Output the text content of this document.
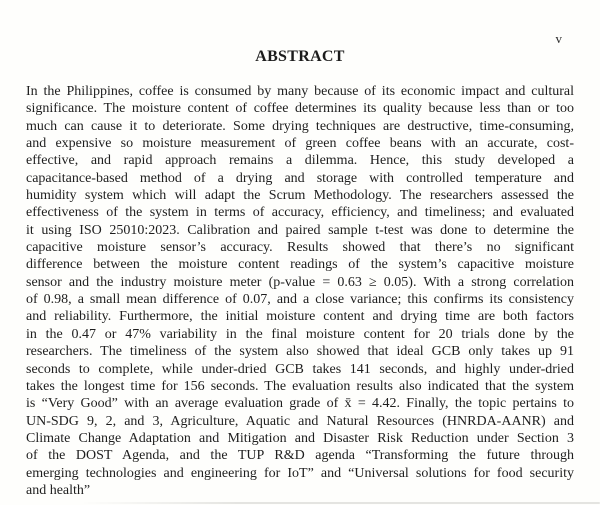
v
ABSTRACT
In the Philippines, coffee is consumed by many because of its economic impact and cultural
significance. The moisture content of coffee determines its quality because less than or too
much can cause it to deteriorate. Some drying techniques are destructive, time-consuming,
and expensive so moisture measurement of green coffee beans with an accurate, cost-
effective, and rapid approach remains a dilemma. Hence, this study developed a
capacitance-based method of a drying and storage with controlled temperature and
humidity system which will adapt the Scrum Methodology. The researchers assessed the
effectiveness of the system in terms of accuracy, efficiency, and timeliness; and evaluated
it using ISO 25010:2023. Calibration and paired sample t-test was done to determine the
capacitive moisture sensor’s accuracy. Results showed that there’s no significant
difference between the moisture content readings of the system’s capacitive moisture
sensor and the industry moisture meter (p-value = 0.63 ≥ 0.05). With a strong correlation
of 0.98, a small mean difference of 0.07, and a close variance; this confirms its consistency
and reliability. Furthermore, the initial moisture content and drying time are both factors
in the 0.47 or 47% variability in the final moisture content for 20 trials done by the
researchers. The timeliness of the system also showed that ideal GCB only takes up 91
seconds to complete, while under-dried GCB takes 141 seconds, and highly under-dried
takes the longest time for 156 seconds. The evaluation results also indicated that the system
is “Very Good” with an average evaluation grade of x̄ = 4.42. Finally, the topic pertains to
UN-SDG 9, 2, and 3, Agriculture, Aquatic and Natural Resources (HNRDA-AANR) and
Climate Change Adaptation and Mitigation and Disaster Risk Reduction under Section 3
of the DOST Agenda, and the TUP R&D agenda “Transforming the future through
emerging technologies and engineering for IoT” and “Universal solutions for food security
and health”
